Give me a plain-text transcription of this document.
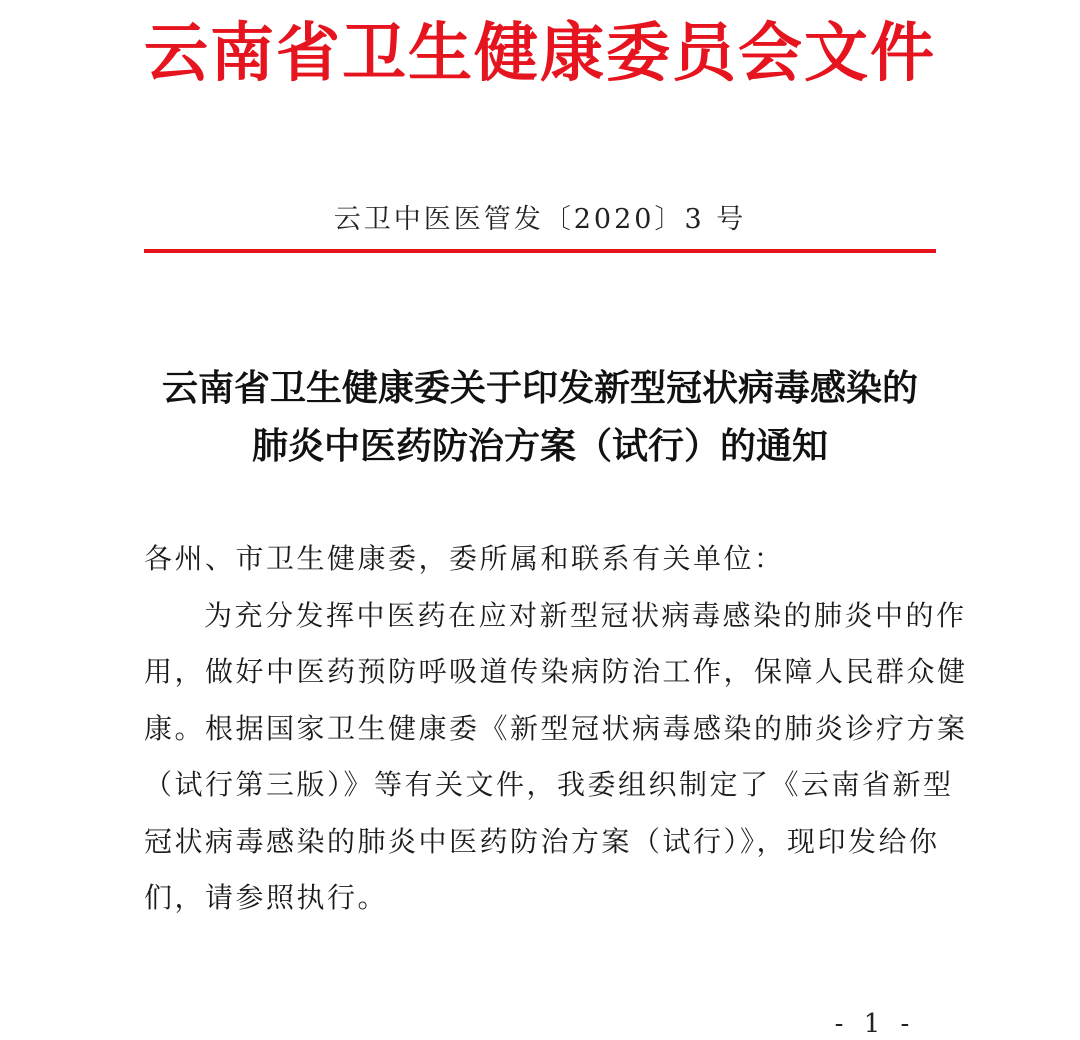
云南省卫生健康委员会文件
云卫中医医管发〔2020〕3 号
云南省卫生健康委关于印发新型冠状病毒感染的
肺炎中医药防治方案（试行）的通知
各州、市卫生健康委，委所属和联系有关单位：
为充分发挥中医药在应对新型冠状病毒感染的肺炎中的作
用，做好中医药预防呼吸道传染病防治工作，保障人民群众健
康。根据国家卫生健康委《新型冠状病毒感染的肺炎诊疗方案
（试行第三版）》等有关文件，我委组织制定了《云南省新型
冠状病毒感染的肺炎中医药防治方案（试行）》，现印发给你
们，请参照执行。
- 1 -
